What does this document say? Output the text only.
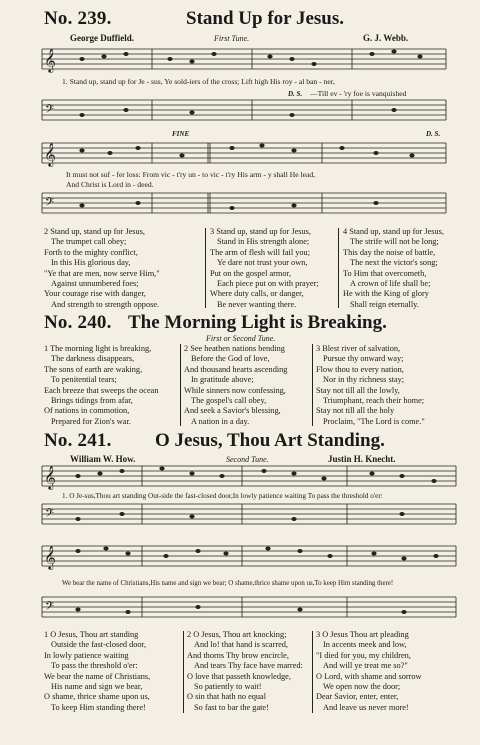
No. 239.	Stand Up for Jesus.
George Duffield.	First Tune.	G. J. Webb.
𝄞
1. Stand up, stand up for Je - sus, Ye sold-iers of the cross; Lift high His roy - al ban - ner,
D. S. —Till ev - 'ry foe is vanquished
𝄢
FINE	D. S.
𝄞
It must not suf - fer loss: From vic - t'ry un - to vic - t'ry His arm - y shall He lead,
And Christ is Lord in - deed.
𝄢
2 Stand up, stand up for Jesus,
The trumpet call obey;
Forth to the mighty conflict,
In this His glorious day,
"Ye that are men, now serve Him,"
Against unnumbered foes;
Your courage rise with danger,
And strength to strength oppose.
3 Stand up, stand up for Jesus,
Stand in His strength alone;
The arm of flesh will fail you;
Ye dare not trust your own,
Put on the gospel armor,
Each piece put on with prayer;
Where duty calls, or danger,
Be never wanting there.
4 Stand up, stand up for Jesus,
The strife will not be long;
This day the noise of battle,
The next the victor's song;
To Him that overcometh,
A crown of life shall be;
He with the King of glory
Shall reign eternally.
No. 240. The Morning Light is Breaking.
First or Second Tune.
1 The morning light is breaking,
The darkness disappears,
The sons of earth are waking,
To penitential tears;
Each breeze that sweeps the ocean
Brings tidings from afar,
Of nations in commotion,
Prepared for Zion's war.
2 See heathen nations bending
Before the God of love,
And thousand hearts ascending
In gratitude above;
While sinners now confessing,
The gospel's call obey,
And seek a Savior's blessing,
A nation in a day.
3 Blest river of salvation,
Pursue thy onward way;
Flow thou to every nation,
Nor in thy richness stay;
Stay not till all the lowly,
Triumphant, reach their home;
Stay not till all the holy
Proclaim, "The Lord is come."
No. 241. O Jesus, Thou Art Standing.
William W. How.	Second Tune.	Justin H. Knecht.
𝄞
1. O Je-sus,Thou art standing Out-side the fast-closed door,In lowly patience waiting To pass the threshold o'er:
𝄢
𝄞
We bear the name of Christians,His name and sign we bear; O shame,thrice shame upon us,To keep Him standing there!
𝄢
1 O Jesus, Thou art standing
Outside the fast-closed door,
In lowly patience waiting
To pass the threshold o'er:
We bear the name of Christians,
His name and sign we bear,
O shame, thrice shame upon us,
To keep Him standing there!
2 O Jesus, Thou art knocking;
And lo! that hand is scarred,
And thorns Thy brow encircle,
And tears Thy face have marred:
O love that passeth knowledge,
So patiently to wait!
O sin that hath no equal
So fast to bar the gate!
3 O Jesus Thou art pleading
In accents meek and low,
"I died for you, my children,
And will ye treat me so?"
O Lord, with shame and sorrow
We open now the door;
Dear Savior, enter, enter,
And leave us never more!
